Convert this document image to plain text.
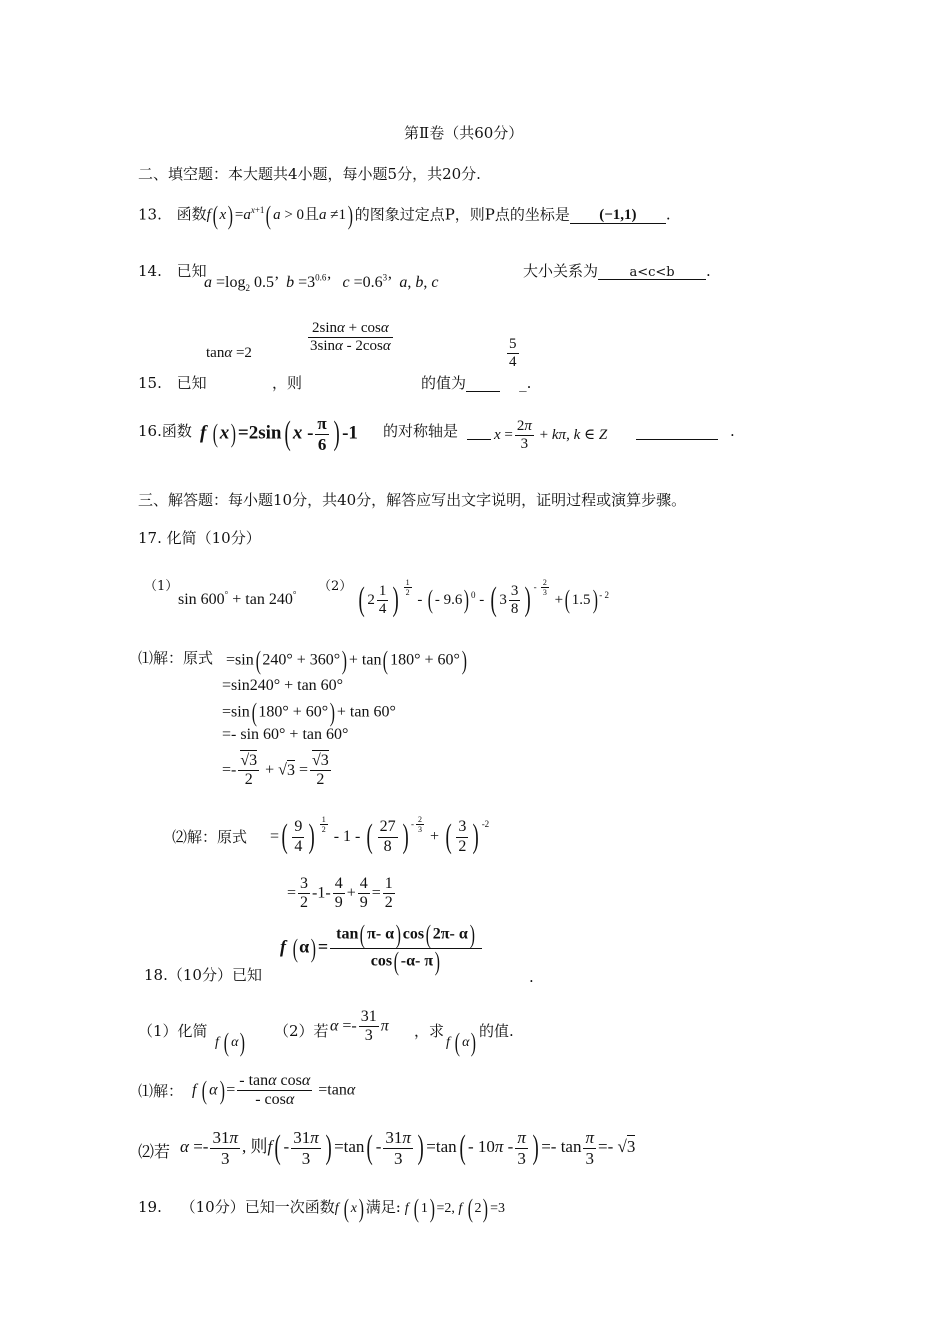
第Ⅱ卷（共60分）
二、填空题：本大题共4小题，每小题5分，共20分.
13. 函数f( $x) =a^{x+1}$( a > 0且a ≠1) 的图象过定点P，则P点的坐标是 (−1,1) .
14. 已知
$a =\log_2$ 0.5’  $b =3^{0.6}$’   $c =0.6^3$’  a, b, c
大小关系为 a<c<b .
tanα =2	$\frac{2\sin\alpha + \cos\alpha}{3\sin\alpha - 2\cos\alpha}$	$\frac{5}{4}$
15. 已知	，则	的值为	_.
16.函数 f (x)=2sin( x - $\frac{\pi}{6}$ ) -1 的对称轴是
$x = \frac{2\pi}{3} + k\pi$, k ∈ Z
	.
三、解答题：每小题10分，共40分，解答应写出文字说明，证明过程或演算步骤。
17. 化简（10分）
（1）
sin 600° + tan 240°
（2） ( $2 \frac{1}{4}$ ) $^{\frac{1}{2}}$
- ( - 9.6) $^0$ - ( $3 \frac{3}{8}$ ) $^{- \frac{2}{3}}$
+( 1.5) $^{- 2}$
⑴解：原式 =sin( 240° + 360°) + tan( 180° + 60°)
=sin240° + tan 60°
=sin( 180° + 60°) + tan 60°
=- sin 60° + tan 60°
=- $\frac{√3}{2} + √3 = \frac{√3}{2}$
⑵解：原式 =( $\frac{9}{4}$ ) $^{\frac{1}{2}}$
- 1 - ( $\frac{27}{8}$ ) $^{- \frac{2}{3}}$
+ ( $\frac{3}{2}$ ) $^{-2}$
= $\frac{3}{2} -1- \frac{4}{9} + \frac{4}{9} = \frac{1}{2}$
f $(\alpha)= \frac{\tan( \pi- \alpha) \cos( 2\pi- \alpha)}{\cos( -\alpha- \pi)}$
18.（10分）已知	.
（1）化简
f ( α) （2）若 $\alpha =- \frac{31}{3}$ π ，求
f ( α) 的值.
⑴解： f ( $\alpha) = \frac{\text{- tanα cosα}}{- \cos\alpha} =\tan\alpha$
⑵若 $\alpha =- \frac{31\pi}{3}$ , 则$f( - \frac{31\pi}{3}$ ) $=\tan( - \frac{31\pi}{3}$ ) $=\tan( - 10\pi - \frac{\pi}{3}$ ) =- $\tan \frac{\pi}{3} =- √3$
19. （10分）已知一次函数f ( x) 满足: f ( 1) =2, f ( 2) =3
